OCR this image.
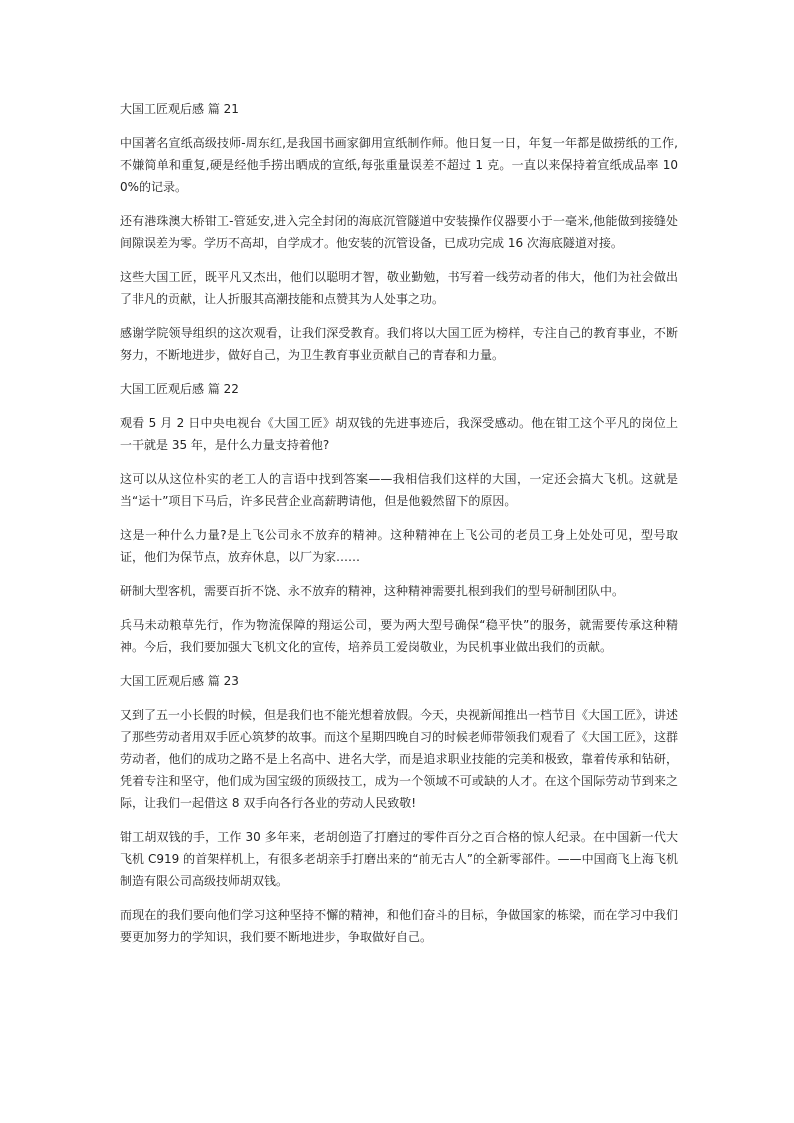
大国工匠观后感 篇 21

中国著名宣纸高级技师-周东红,是我国书画家御用宣纸制作师。他日复一日，年复一年都是做捞纸的工作,不嫌简单和重复,硬是经他手捞出晒成的宣纸,每张重量误差不超过 1 克。一直以来保持着宣纸成品率 100%的记录。

还有港珠澳大桥钳工-管延安,进入完全封闭的海底沉管隧道中安装操作仪器要小于一毫米,他能做到接缝处间隙误差为零。学历不高却，自学成才。他安装的沉管设备，已成功完成 16 次海底隧道对接。

这些大国工匠，既平凡又杰出，他们以聪明才智，敬业勤勉，书写着一线劳动者的伟大，他们为社会做出了非凡的贡献，让人折服其高潮技能和点赞其为人处事之功。

感谢学院领导组织的这次观看，让我们深受教育。我们将以大国工匠为榜样，专注自己的教育事业，不断努力，不断地进步，做好自己，为卫生教育事业贡献自己的青春和力量。

大国工匠观后感 篇 22

观看 5 月 2 日中央电视台《大国工匠》胡双钱的先进事迹后，我深受感动。他在钳工这个平凡的岗位上一干就是 35 年，是什么力量支持着他?

这可以从这位朴实的老工人的言语中找到答案——我相信我们这样的大国，一定还会搞大飞机。这就是当“运十”项目下马后，许多民营企业高薪聘请他，但是他毅然留下的原因。

这是一种什么力量?是上飞公司永不放弃的精神。这种精神在上飞公司的老员工身上处处可见，型号取证，他们为保节点，放弃休息，以厂为家……

研制大型客机，需要百折不饶、永不放弃的精神，这种精神需要扎根到我们的型号研制团队中。

兵马未动粮草先行，作为物流保障的翔运公司，要为两大型号确保“稳平快”的服务，就需要传承这种精神。今后，我们要加强大飞机文化的宣传，培养员工爱岗敬业，为民机事业做出我们的贡献。

大国工匠观后感 篇 23

又到了五一小长假的时候，但是我们也不能光想着放假。今天，央视新闻推出一档节目《大国工匠》，讲述了那些劳动者用双手匠心筑梦的故事。而这个星期四晚自习的时候老师带领我们观看了《大国工匠》，这群劳动者，他们的成功之路不是上名高中、进名大学，而是追求职业技能的完美和极致，靠着传承和钻研，凭着专注和坚守，他们成为国宝级的顶级技工，成为一个领域不可或缺的人才。在这个国际劳动节到来之际，让我们一起借这 8 双手向各行各业的劳动人民致敬!

钳工胡双钱的手，工作 30 多年来，老胡创造了打磨过的零件百分之百合格的惊人纪录。在中国新一代大飞机 C919 的首架样机上，有很多老胡亲手打磨出来的“前无古人”的全新零部件。——中国商飞上海飞机制造有限公司高级技师胡双钱。

而现在的我们要向他们学习这种坚持不懈的精神，和他们奋斗的目标，争做国家的栋梁，而在学习中我们要更加努力的学知识，我们要不断地进步，争取做好自己。
